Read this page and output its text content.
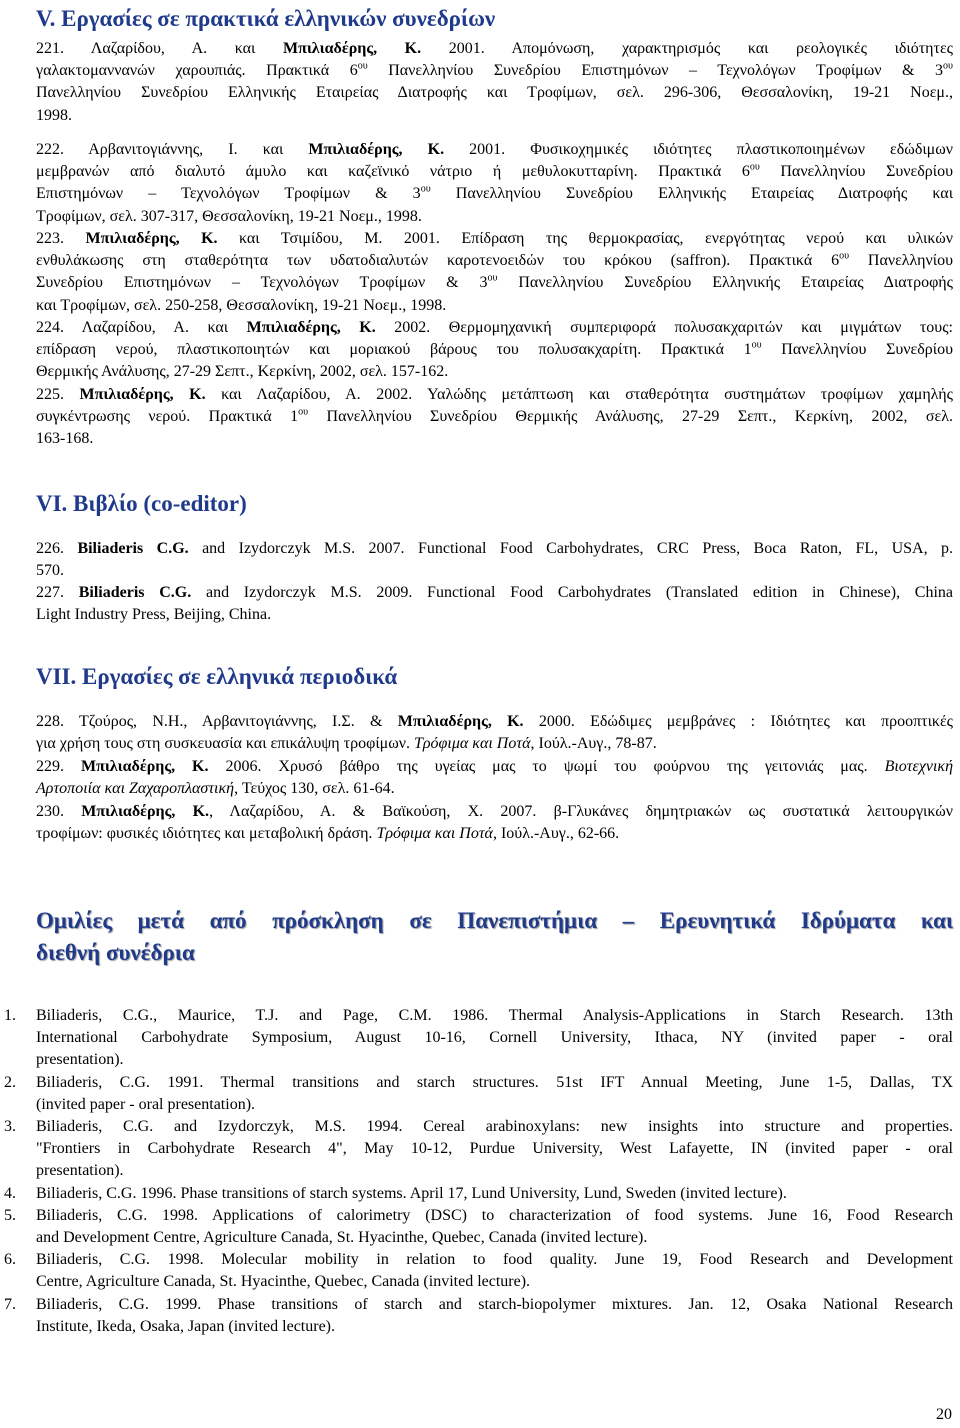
V. Εργασίες σε πρακτικά ελληνικών συνεδρίων
221. Λαζαρίδου, Α. και Μπιλιαδέρης, Κ. 2001. Απομόνωση, χαρακτηρισμός και ρεολογικές ιδιότητες
γαλακτομαννανών χαρουπιάς. Πρακτικά $6^{o\upsilon}$ Πανελληνίου Συνεδρίου Επιστημόνων – Τεχνολόγων Τροφίμων & $3^{o\upsilon}$
Πανελληνίου Συνεδρίου Ελληνικής Εταιρείας Διατροφής και Τροφίμων, σελ. 296-306, Θεσσαλονίκη, 19-21 Νοεμ.,
1998.
222. Αρβανιτογιάννης, Ι. και Μπιλιαδέρης, Κ. 2001. Φυσικοχημικές ιδιότητες πλαστικοποιημένων εδώδιμων
μεμβρανών από διαλυτό άμυλο και καζεϊνικό νάτριο ή μεθυλοκυτταρίνη. Πρακτικά $6^{o\upsilon}$ Πανελληνίου Συνεδρίου
Επιστημόνων – Τεχνολόγων Τροφίμων & $3^{o\upsilon}$ Πανελληνίου Συνεδρίου Ελληνικής Εταιρείας Διατροφής και
Τροφίμων, σελ. 307-317, Θεσσαλονίκη, 19-21 Νοεμ., 1998.
223. Μπιλιαδέρης, Κ. και Τσιμίδου, Μ. 2001. Επίδραση της θερμοκρασίας, ενεργότητας νερού και υλικών
ενθυλάκωσης στη σταθερότητα των υδατοδιαλυτών καροτενοειδών του κρόκου (saffron). Πρακτικά $6^{o\upsilon}$ Πανελληνίου
Συνεδρίου Επιστημόνων – Τεχνολόγων Τροφίμων & $3^{o\upsilon}$ Πανελληνίου Συνεδρίου Ελληνικής Εταιρείας Διατροφής
και Τροφίμων, σελ. 250-258, Θεσσαλονίκη, 19-21 Νοεμ., 1998.
224. Λαζαρίδου, Α. και Μπιλιαδέρης, Κ. 2002. Θερμομηχανική συμπεριφορά πολυσακχαριτών και μιγμάτων τους:
επίδραση νερού, πλαστικοποιητών και μοριακού βάρους του πολυσακχαρίτη. Πρακτικά $1^{o\upsilon}$ Πανελληνίου Συνεδρίου
Θερμικής Ανάλυσης, 27-29 Σεπτ., Κερκίνη, 2002, σελ. 157-162.
225. Μπιλιαδέρης, Κ. και Λαζαρίδου, Α. 2002. Υαλώδης μετάπτωση και σταθερότητα συστημάτων τροφίμων χαμηλής
συγκέντρωσης νερού. Πρακτικά $1^{o\upsilon}$ Πανελληνίου Συνεδρίου Θερμικής Ανάλυσης, 27-29 Σεπτ., Κερκίνη, 2002, σελ.
163-168.
VI. Βιβλίο (co-editor)
226. Biliaderis C.G. and Izydorczyk M.S. 2007. Functional Food Carbohydrates, CRC Press, Boca Raton, FL, USA, p.
570.
227. Biliaderis C.G. and Izydorczyk M.S. 2009. Functional Food Carbohydrates (Translated edition in Chinese), China
Light Industry Press, Beijing, China.
VII. Εργασίες σε ελληνικά περιοδικά
228. Τζούρος, Ν.Η., Αρβανιτογιάννης, Ι.Σ. & Μπιλιαδέρης, Κ. 2000. Εδώδιμες μεμβράνες : Ιδιότητες και προοπτικές
για χρήση τους στη συσκευασία και επικάλυψη τροφίμων. Τρόφιμα και Ποτά, Ιούλ.-Αυγ., 78-87.
229. Μπιλιαδέρης, Κ. 2006. Χρυσό βάθρο της υγείας μας το ψωμί του φούρνου της γειτονιάς μας. Βιοτεχνική
Αρτοποιία και Ζαχαροπλαστική, Τεύχος 130, σελ. 61-64.
230. Μπιλιαδέρης, Κ., Λαζαρίδου, Α. & Βαϊκούση, Χ. 2007. β-Γλυκάνες δημητριακών ως συστατικά λειτουργικών
τροφίμων: φυσικές ιδιότητες και μεταβολική δράση. Τρόφιμα και Ποτά, Ιούλ.-Αυγ., 62-66.
Ομιλίες μετά από πρόσκληση σε Πανεπιστήμια – Ερευνητικά Ιδρύματα και
διεθνή συνέδρια
1. Biliaderis, C.G., Maurice, T.J. and Page, C.M. 1986. Thermal Analysis-Applications in Starch Research. 13th
International Carbohydrate Symposium, August 10-16, Cornell University, Ithaca, NY (invited paper - oral
presentation).
2. Biliaderis, C.G. 1991. Thermal transitions and starch structures. 51st IFT Annual Meeting, June 1-5, Dallas, TX
(invited paper - oral presentation).
3. Biliaderis, C.G. and Izydorczyk, M.S. 1994. Cereal arabinoxylans: new insights into structure and properties.
"Frontiers in Carbohydrate Research 4", May 10-12, Purdue University, West Lafayette, IN (invited paper - oral
presentation).
4. Biliaderis, C.G. 1996. Phase transitions of starch systems. April 17, Lund University, Lund, Sweden (invited lecture).
5. Biliaderis, C.G. 1998. Applications of calorimetry (DSC) to characterization of food systems. June 16, Food Research
and Development Centre, Agriculture Canada, St. Hyacinthe, Quebec, Canada (invited lecture).
6. Biliaderis, C.G. 1998. Molecular mobility in relation to food quality. June 19, Food Research and Development
Centre, Agriculture Canada, St. Hyacinthe, Quebec, Canada (invited lecture).
7. Biliaderis, C.G. 1999. Phase transitions of starch and starch-biopolymer mixtures. Jan. 12, Osaka National Research
Institute, Ikeda, Osaka, Japan (invited lecture).
20
